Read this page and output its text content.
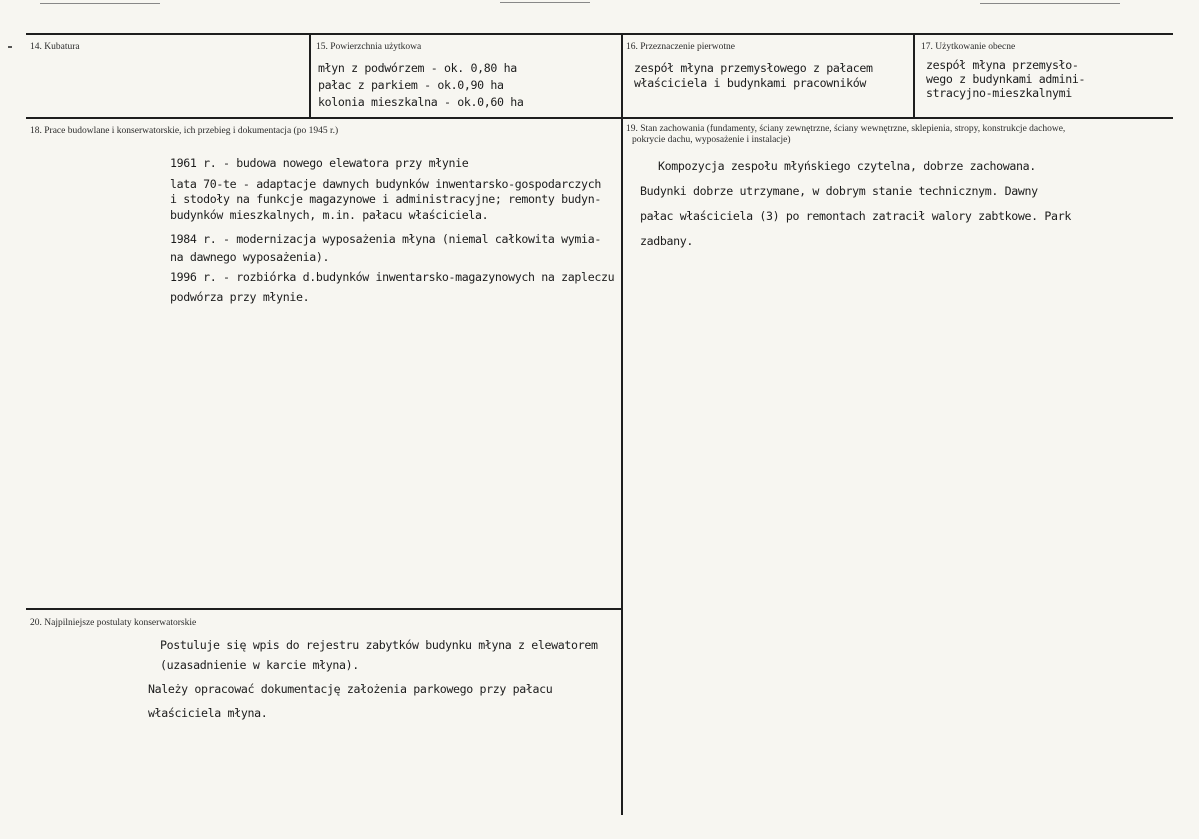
14. Kubatura	15. Powierzchnia użytkowa
młyn z podwórzem - ok. 0,80 ha
pałac z parkiem - ok.0,90 ha
kolonia mieszkalna - ok.0,60 ha
16. Przeznaczenie pierwotne
zespół młyna przemysłowego z pałacem
właściciela i budynkami pracowników
17. Użytkowanie obecne
zespół młyna przemysło-
wego z budynkami admini-
stracyjno-mieszkalnymi
18. Prace budowlane i konserwatorskie, ich przebieg i dokumentacja (po 1945 r.)
1961 r. - budowa nowego elewatora przy młynie
lata 70-te - adaptacje dawnych budynków inwentarsko-gospodarczych
i stodoły na funkcje magazynowe i administracyjne; remonty budyn-
budynków mieszkalnych, m.in. pałacu właściciela.
1984 r. - modernizacja wyposażenia młyna (niemal całkowita wymia-
na dawnego wyposażenia).
1996 r. - rozbiórka d.budynków inwentarsko-magazynowych na zapleczu
podwórza przy młynie.
19. Stan zachowania (fundamenty, ściany zewnętrzne, ściany wewnętrzne, sklepienia, stropy, konstrukcje dachowe,
pokrycie dachu, wyposażenie i instalacje)
Kompozycja zespołu młyńskiego czytelna, dobrze zachowana.
Budynki dobrze utrzymane, w dobrym stanie technicznym. Dawny
pałac właściciela (3) po remontach zatracił walory zabtkowe. Park
zadbany.
20. Najpilniejsze postulaty konserwatorskie
Postuluje się wpis do rejestru zabytków budynku młyna z elewatorem
(uzasadnienie w karcie młyna).
Należy opracować dokumentację założenia parkowego przy pałacu
właściciela młyna.
